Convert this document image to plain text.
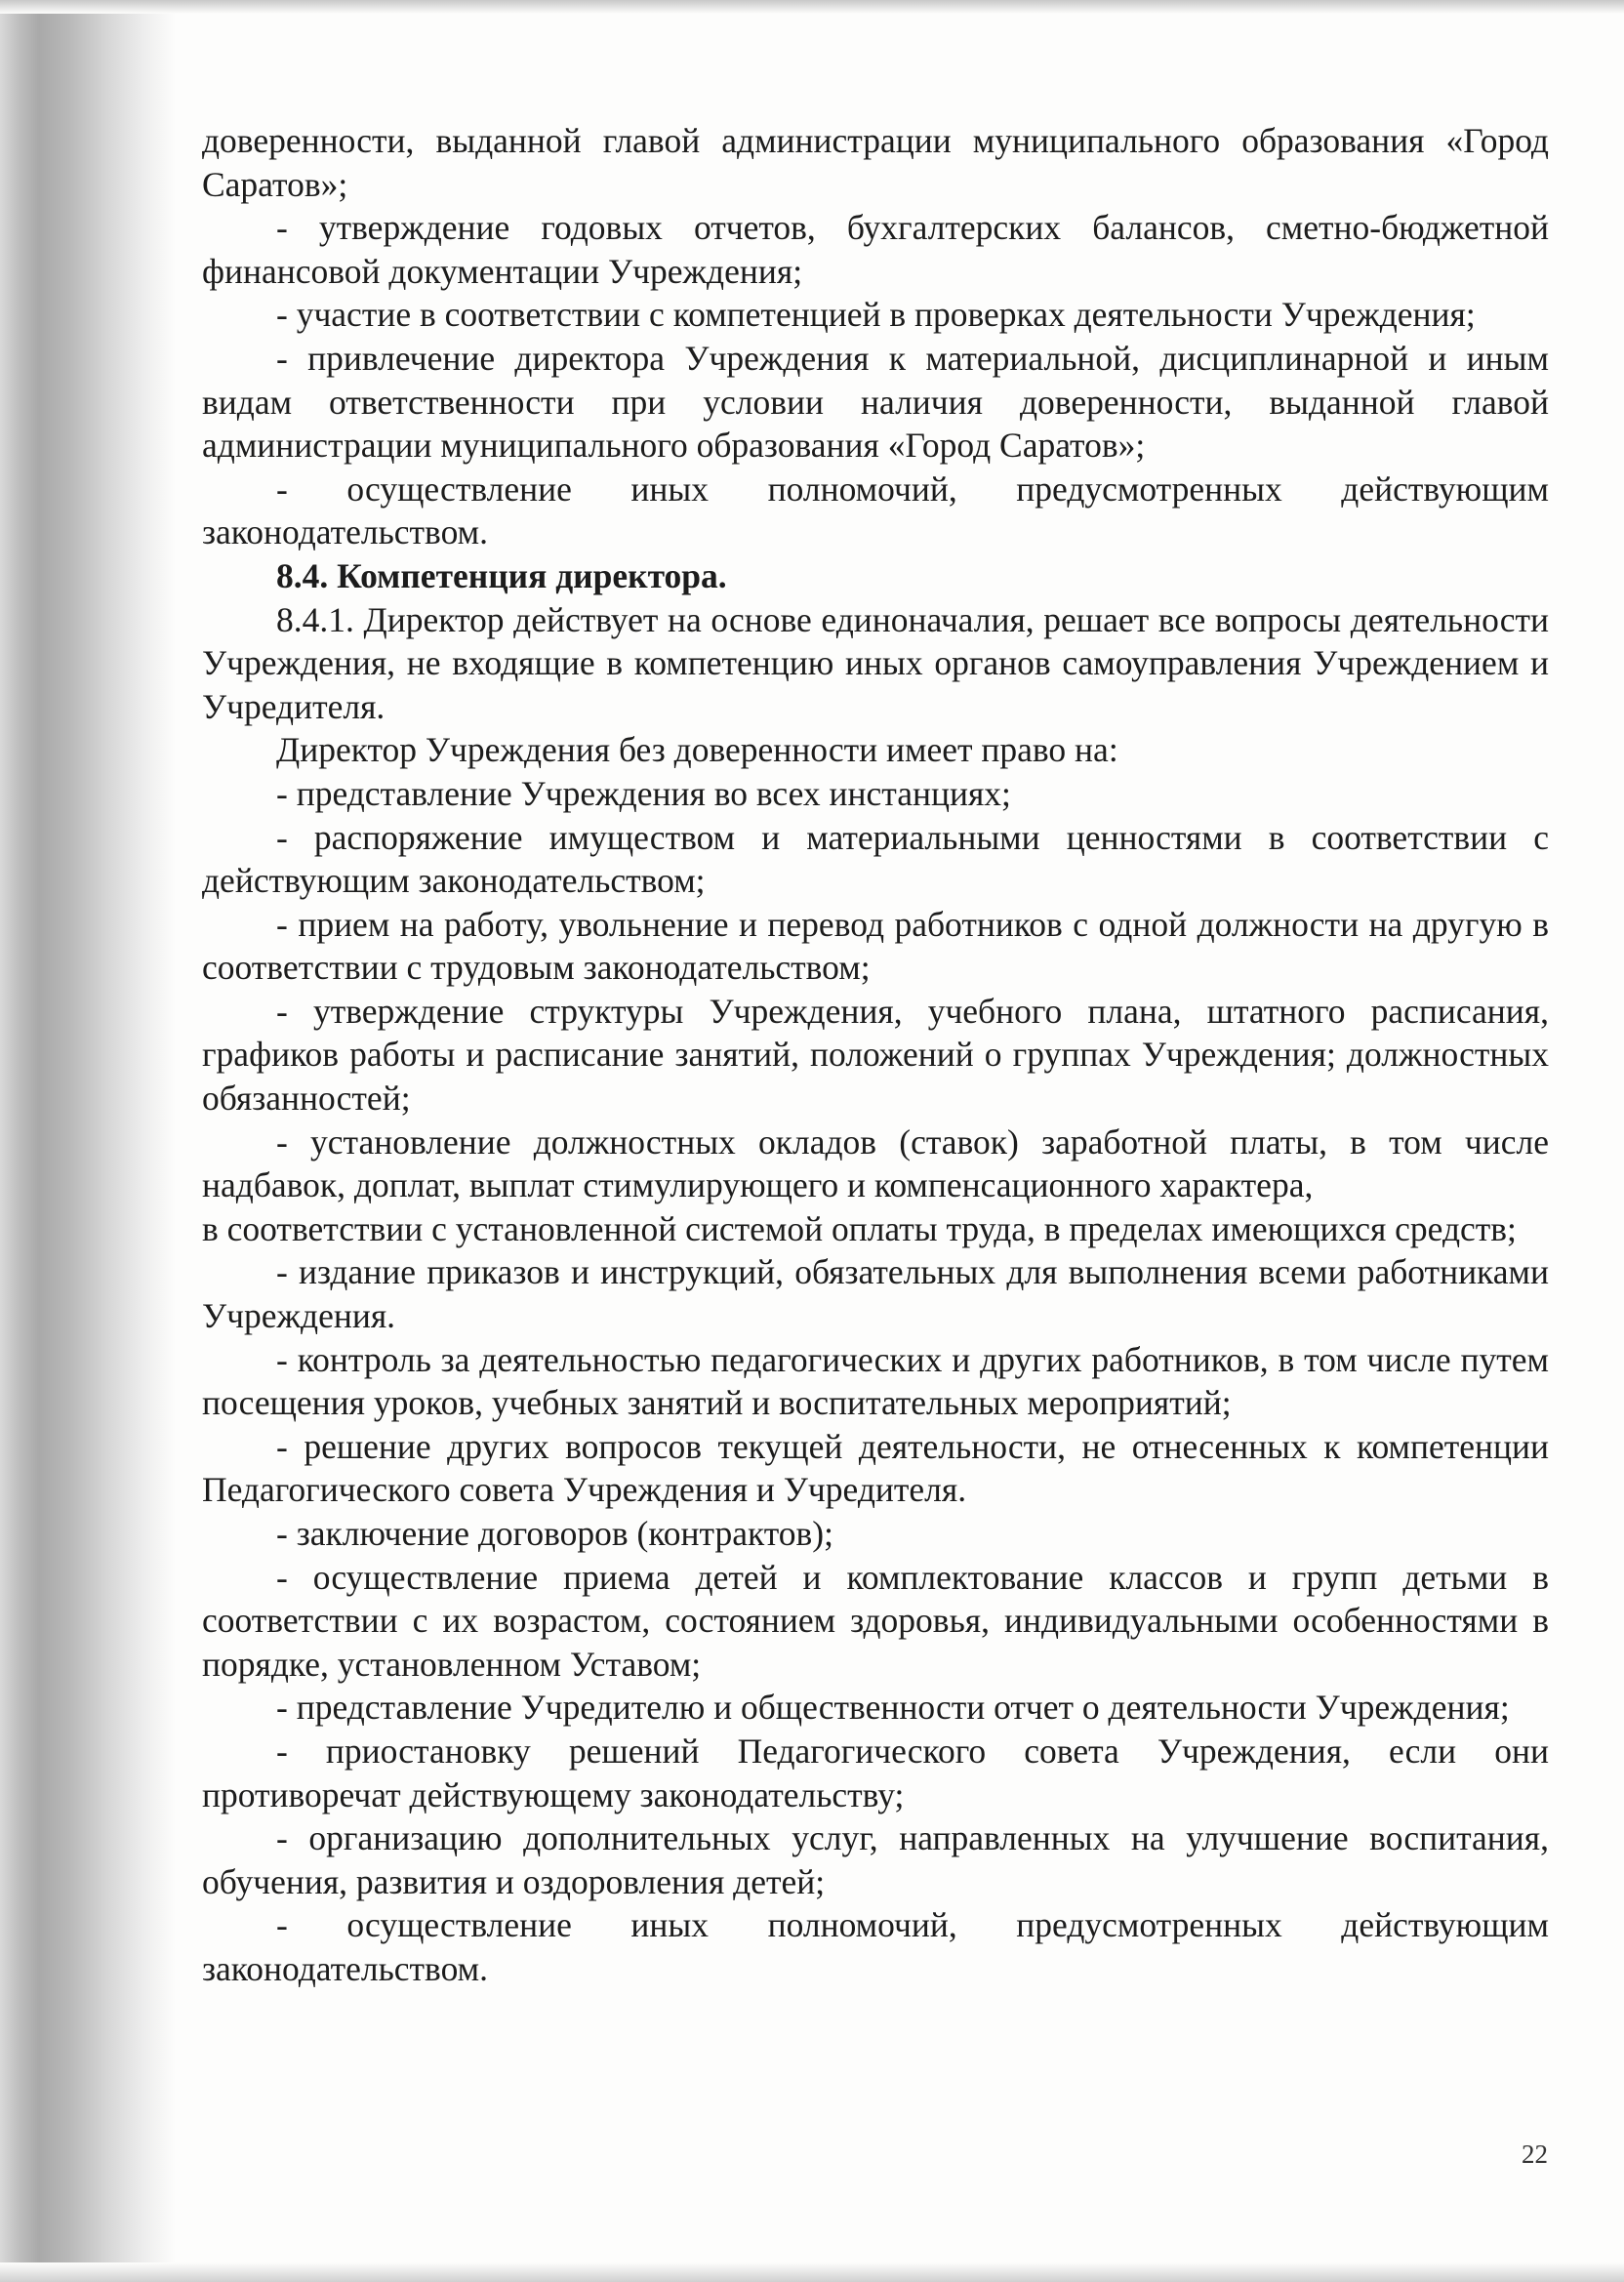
доверенности, выданной главой администрации муниципального образования «Город Саратов»;

- утверждение годовых отчетов, бухгалтерских балансов, сметно-бюджетной финансовой документации Учреждения;

- участие в соответствии с компетенцией в проверках деятельности Учреждения;

- привлечение директора Учреждения к материальной, дисциплинарной и иным видам ответственности при условии наличия доверенности, выданной главой администрации муниципального образования «Город Саратов»;

- осуществление иных полномочий, предусмотренных действующим законодательством.

8.4. Компетенция директора.

8.4.1. Директор действует на основе единоначалия, решает все вопросы деятельности Учреждения, не входящие в компетенцию иных органов самоуправления Учреждением и Учредителя.

Директор Учреждения без доверенности имеет право на:

- представление Учреждения во всех инстанциях;

- распоряжение имуществом и материальными ценностями в соответствии с действующим законодательством;

- прием на работу, увольнение и перевод работников с одной должности на другую в соответствии с трудовым законодательством;

- утверждение структуры Учреждения, учебного плана, штатного расписания, графиков работы и расписание занятий, положений о группах Учреждения; должностных обязанностей;

- установление должностных окладов (ставок) заработной платы, в том числе надбавок, доплат, выплат стимулирующего и компенсационного характера,

в соответствии с установленной системой оплаты труда, в пределах имеющихся средств;

- издание приказов и инструкций, обязательных для выполнения всеми работниками Учреждения.

- контроль за деятельностью педагогических и других работников, в том числе путем посещения уроков, учебных занятий и воспитательных мероприятий;

- решение других вопросов текущей деятельности, не отнесенных к компетенции Педагогического совета Учреждения и Учредителя.

- заключение договоров (контрактов);

- осуществление приема детей и комплектование классов и групп детьми в соответствии с их возрастом, состоянием здоровья, индивидуальными особенностями в порядке, установленном Уставом;

- представление Учредителю и общественности отчет о деятельности Учреждения;

- приостановку решений Педагогического совета Учреждения, если они противоречат действующему законодательству;

- организацию дополнительных услуг, направленных на улучшение воспитания, обучения, развития и оздоровления детей;

- осуществление иных полномочий, предусмотренных действующим законодательством.

22
